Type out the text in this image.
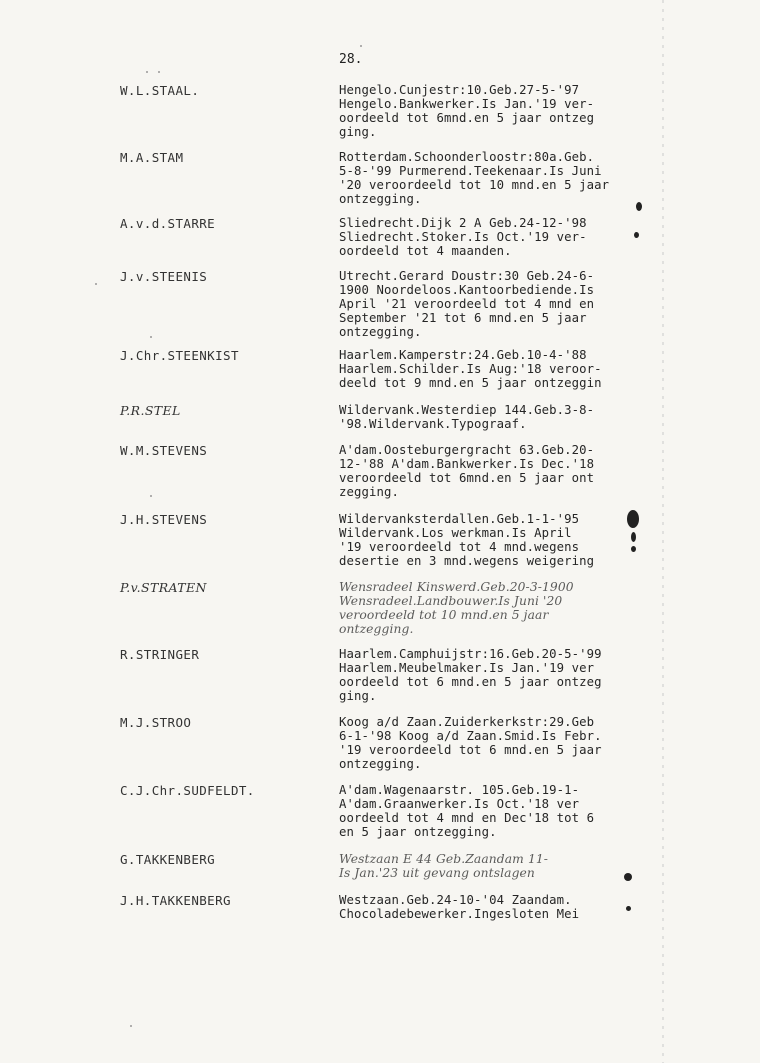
28.
W.L.STAAL.	Hengelo.Cunjestr:10.Geb.27-5-'97
Hengelo.Bankwerker.Is Jan.'19 ver-
oordeeld tot 6mnd.en 5 jaar ontzeg
ging.
M.A.STAM	Rotterdam.Schoonderloostr:80a.Geb.
5-8-'99 Purmerend.Teekenaar.Is Juni
'20 veroordeeld tot 10 mnd.en 5 jaar
ontzegging.
A.v.d.STARRE	Sliedrecht.Dijk 2 A Geb.24-12-'98
Sliedrecht.Stoker.Is Oct.'19 ver-
oordeeld tot 4 maanden.
J.v.STEENIS	Utrecht.Gerard Doustr:30 Geb.24-6-
1900 Noordeloos.Kantoorbediende.Is
April '21 veroordeeld tot 4 mnd en
September '21 tot 6 mnd.en 5 jaar
ontzegging.
J.Chr.STEENKIST	Haarlem.Kamperstr:24.Geb.10-4-'88
Haarlem.Schilder.Is Aug:'18 veroor-
deeld tot 9 mnd.en 5 jaar ontzeggin
P.R.STEL	Wildervank.Westerdiep 144.Geb.3-8-
'98.Wildervank.Typograaf.
W.M.STEVENS	A'dam.Oosteburgergracht 63.Geb.20-
12-'88 A'dam.Bankwerker.Is Dec.'18
veroordeeld tot 6mnd.en 5 jaar ont
zegging.
J.H.STEVENS	Wildervanksterdallen.Geb.1-1-'95
Wildervank.Los werkman.Is April
'19 veroordeeld tot 4 mnd.wegens
desertie en 3 mnd.wegens weigering
P.v.STRATEN	Wensradeel Kinswerd.Geb.20-3-1900
Wensradeel.Landbouwer.Is Juni '20
veroordeeld tot 10 mnd.en 5 jaar
ontzegging.
R.STRINGER	Haarlem.Camphuijstr:16.Geb.20-5-'99
Haarlem.Meubelmaker.Is Jan.'19 ver
oordeeld tot 6 mnd.en 5 jaar ontzeg
ging.
M.J.STROO	Koog a/d Zaan.Zuiderkerkstr:29.Geb
6-1-'98 Koog a/d Zaan.Smid.Is Febr.
'19 veroordeeld tot 6 mnd.en 5 jaar
ontzegging.
C.J.Chr.SUDFELDT.	A'dam.Wagenaarstr. 105.Geb.19-1-
A'dam.Graanwerker.Is Oct.'18 ver
oordeeld tot 4 mnd en Dec'18 tot 6
en 5 jaar ontzegging.
G.TAKKENBERG	Westzaan E 44 Geb.Zaandam 11-
Is Jan.'23 uit gevang ontslagen
J.H.TAKKENBERG	Westzaan.Geb.24-10-'04 Zaandam.
Chocoladebewerker.Ingesloten Mei
